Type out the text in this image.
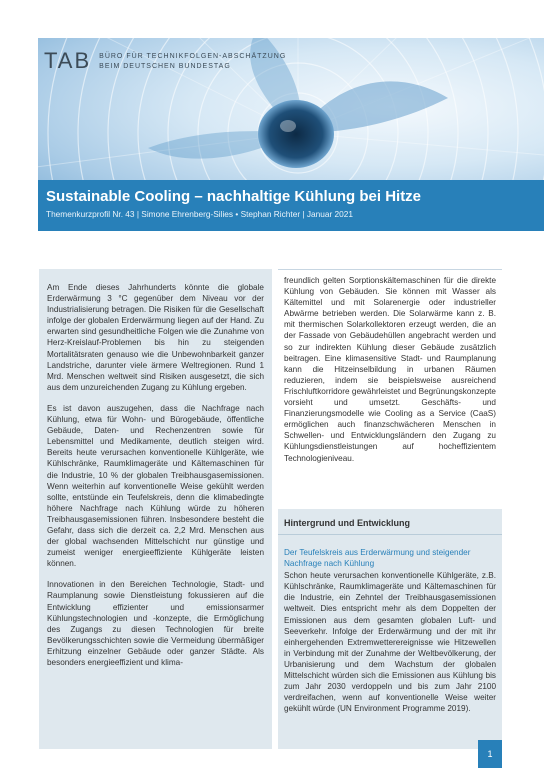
TAB BÜRO FÜR TECHNIKFOLGEN-ABSCHÄTZUNG
BEIM DEUTSCHEN BUNDESTAG
Sustainable Cooling – nachhaltige Kühlung bei Hitze
Themenkurzprofil Nr. 43 | Simone Ehrenberg-Silies • Stephan Richter | Januar 2021

Am Ende dieses Jahrhunderts könnte die globale Erderwärmung 3 °C gegenüber dem Niveau vor der Industrialisierung betragen. Die Risiken für die Gesellschaft infolge der globalen Erderwärmung liegen auf der Hand. Zu erwarten sind gesundheitliche Folgen wie die Zunahme von Herz-Kreislauf-Problemen bis hin zu steigenden Mortalitätsraten genauso wie die Unbewohnbarkeit ganzer Landstriche, darunter viele ärmere Weltregionen. Rund 1 Mrd. Menschen weltweit sind Risiken ausgesetzt, die sich aus dem unzureichenden Zugang zu Kühlung ergeben.

Es ist davon auszugehen, dass die Nachfrage nach Kühlung, etwa für Wohn- und Bürogebäude, öffentliche Gebäude, Daten- und Rechenzentren sowie für Lebensmittel und Medikamente, deutlich steigen wird. Bereits heute verursachen konventionelle Kühlgeräte, wie Kühlschränke, Raumklimageräte und Kältemaschinen für die Industrie, 10 % der globalen Treibhausgasemissionen. Wenn weiterhin auf konventionelle Weise gekühlt werden sollte, entstünde ein Teufelskreis, denn die klimabedingte höhere Nachfrage nach Kühlung würde zu höheren Treibhausgasemissionen führen. Insbesondere besteht die Gefahr, dass sich die derzeit ca. 2,2 Mrd. Menschen aus der global wachsenden Mittelschicht nur günstige und zumeist weniger energieeffiziente Kühlgeräte leisten können.

Innovationen in den Bereichen Technologie, Stadt- und Raumplanung sowie Dienstleistung fokussieren auf die Entwicklung effizienter und emissionsarmer Kühlungstechnologien und -konzepte, die Ermöglichung des Zugangs zu diesen Technologien für breite Bevölkerungsschichten sowie die Vermeidung übermäßiger Erhitzung einzelner Gebäude oder ganzer Städte. Als besonders energieeffizient und klima-

freundlich gelten Sorptionskältemaschinen für die direkte Kühlung von Gebäuden. Sie können mit Wasser als Kältemittel und mit Solarenergie oder industrieller Abwärme betrieben werden. Die Solarwärme kann z. B. mit thermischen Solarkollektoren erzeugt werden, die an der Fassade von Gebäudehüllen angebracht werden und so zur indirekten Kühlung dieser Gebäude zusätzlich beitragen. Eine klimasensitive Stadt- und Raumplanung kann die Hitzeinselbildung in urbanen Räumen reduzieren, indem sie beispielsweise ausreichend Frischluftkorridore gewährleistet und Begrünungskonzepte vorsieht und umsetzt. Geschäfts- und Finanzierungsmodelle wie Cooling as a Service (CaaS) ermöglichen auch finanzschwächeren Menschen in Schwellen- und Entwicklungsländern den Zugang zu Kühlungsdienstleistungen auf hocheffizientem Technologieniveau.

Hintergrund und Entwicklung
Der Teufelskreis aus Erderwärmung und steigender Nachfrage nach Kühlung

Schon heute verursachen konventionelle Kühlgeräte, z.B. Kühlschränke, Raumklimageräte und Kältemaschinen für die Industrie, ein Zehntel der Treibhausgasemissionen weltweit. Dies entspricht mehr als dem Doppelten der Emissionen aus dem gesamten globalen Luft- und Seeverkehr. Infolge der Erderwärmung und der mit ihr einhergehenden Extremwetterereignisse wie Hitzewellen in Verbindung mit der Zunahme der Weltbevölkerung, der Urbanisierung und dem Wachstum der globalen Mittelschicht würden sich die Emissionen aus Kühlung bis zum Jahr 2030 verdoppeln und bis zum Jahr 2100 verdreifachen, wenn auf konventionelle Weise weiter gekühlt würde (UN Environment Programme 2019).

1
